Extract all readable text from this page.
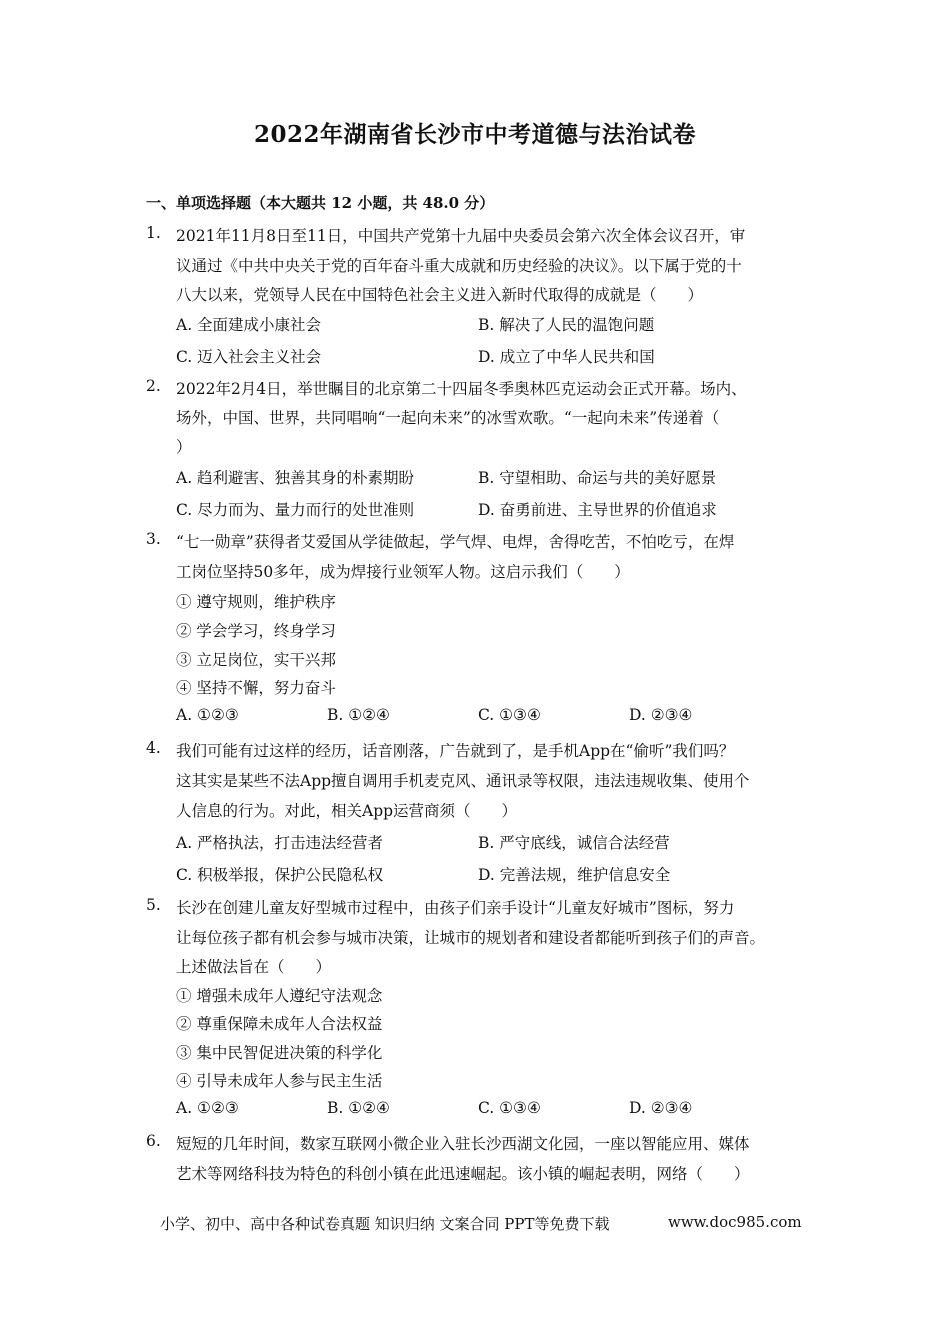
2022年湖南省长沙市中考道德与法治试卷
一、单项选择题（本大题共 12 小题，共 48.0 分）
1. 2021年11月8日至11日，中国共产党第十九届中央委员会第六次全体会议召开，审
议通过《中共中央关于党的百年奋斗重大成就和历史经验的决议》。以下属于党的十
八大以来，党领导人民在中国特色社会主义进入新时代取得的成就是（　　）
A. 全面建成小康社会	B. 解决了人民的温饱问题
C. 迈入社会主义社会	D. 成立了中华人民共和国
2. 2022年2月4日，举世瞩目的北京第二十四届冬季奥林匹克运动会正式开幕。场内、
场外，中国、世界，共同唱响“一起向未来”的冰雪欢歌。“一起向未来”传递着（
）
A. 趋利避害、独善其身的朴素期盼	B. 守望相助、命运与共的美好愿景
C. 尽力而为、量力而行的处世准则	D. 奋勇前进、主导世界的价值追求
3. “七一勋章”获得者艾爱国从学徒做起，学气焊、电焊，舍得吃苦，不怕吃亏，在焊
工岗位坚持50多年，成为焊接行业领军人物。这启示我们（　　）
① 遵守规则，维护秩序
② 学会学习，终身学习
③ 立足岗位，实干兴邦
④ 坚持不懈，努力奋斗
A. ①②③	B. ①②④	C. ①③④	D. ②③④
4. 我们可能有过这样的经历，话音刚落，广告就到了，是手机App在“偷听”我们吗？
这其实是某些不法App擅自调用手机麦克风、通讯录等权限，违法违规收集、使用个
人信息的行为。对此，相关App运营商须（　　）
A. 严格执法，打击违法经营者	B. 严守底线，诚信合法经营
C. 积极举报，保护公民隐私权	D. 完善法规，维护信息安全
5. 长沙在创建儿童友好型城市过程中，由孩子们亲手设计“儿童友好城市”图标，努力
让每位孩子都有机会参与城市决策，让城市的规划者和建设者都能听到孩子们的声音。
上述做法旨在（　　）
① 增强未成年人遵纪守法观念
② 尊重保障未成年人合法权益
③ 集中民智促进决策的科学化
④ 引导未成年人参与民主生活
A. ①②③	B. ①②④	C. ①③④	D. ②③④
6. 短短的几年时间，数家互联网小微企业入驻长沙西湖文化园，一座以智能应用、媒体
艺术等网络科技为特色的科创小镇在此迅速崛起。该小镇的崛起表明，网络（　　）
小学、初中、高中各种试卷真题 知识归纳 文案合同 PPT等免费下载	www.doc985.com
